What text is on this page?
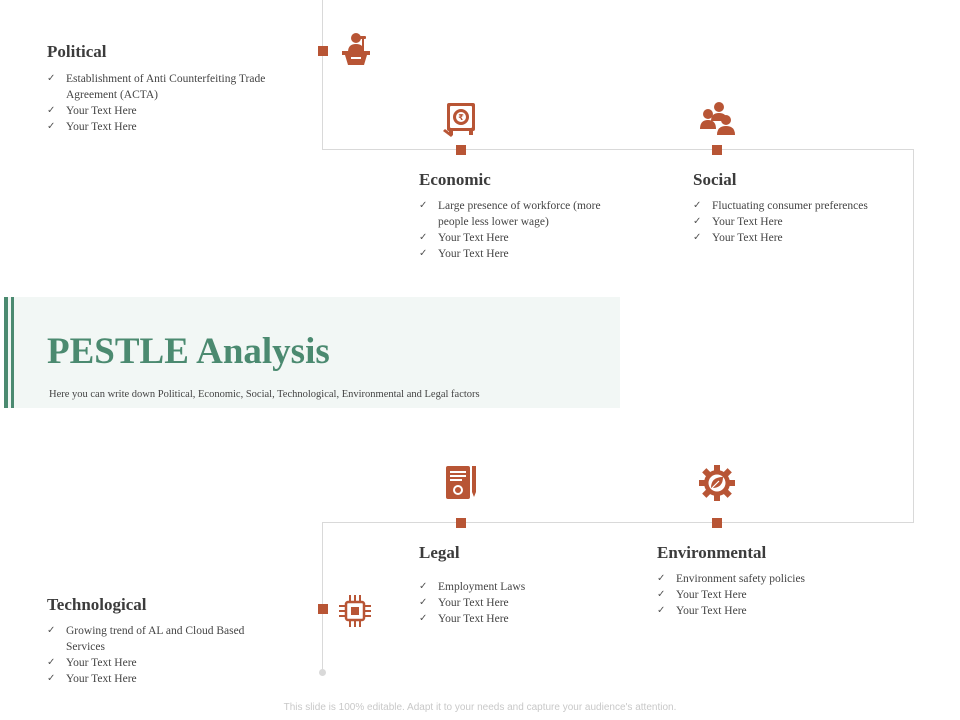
₹
Political
✓ Establishment of Anti Counterfeiting Trade Agreement (ACTA)
✓ Your Text Here
✓ Your Text Here
Economic
✓ Large presence of workforce (more people less lower wage)
✓ Your Text Here
✓ Your Text Here
Social
✓ Fluctuating consumer preferences
✓ Your Text Here
✓ Your Text Here
PESTLE Analysis
Here you can write down Political, Economic, Social, Technological, Environmental and Legal factors
Legal
✓ Employment Laws
✓ Your Text Here
✓ Your Text Here
Environmental
✓ Environment safety policies
✓ Your Text Here
✓ Your Text Here
Technological
✓ Growing trend of AL and Cloud Based Services
✓ Your Text Here
✓ Your Text Here
This slide is 100% editable. Adapt it to your needs and capture your audience's attention.
